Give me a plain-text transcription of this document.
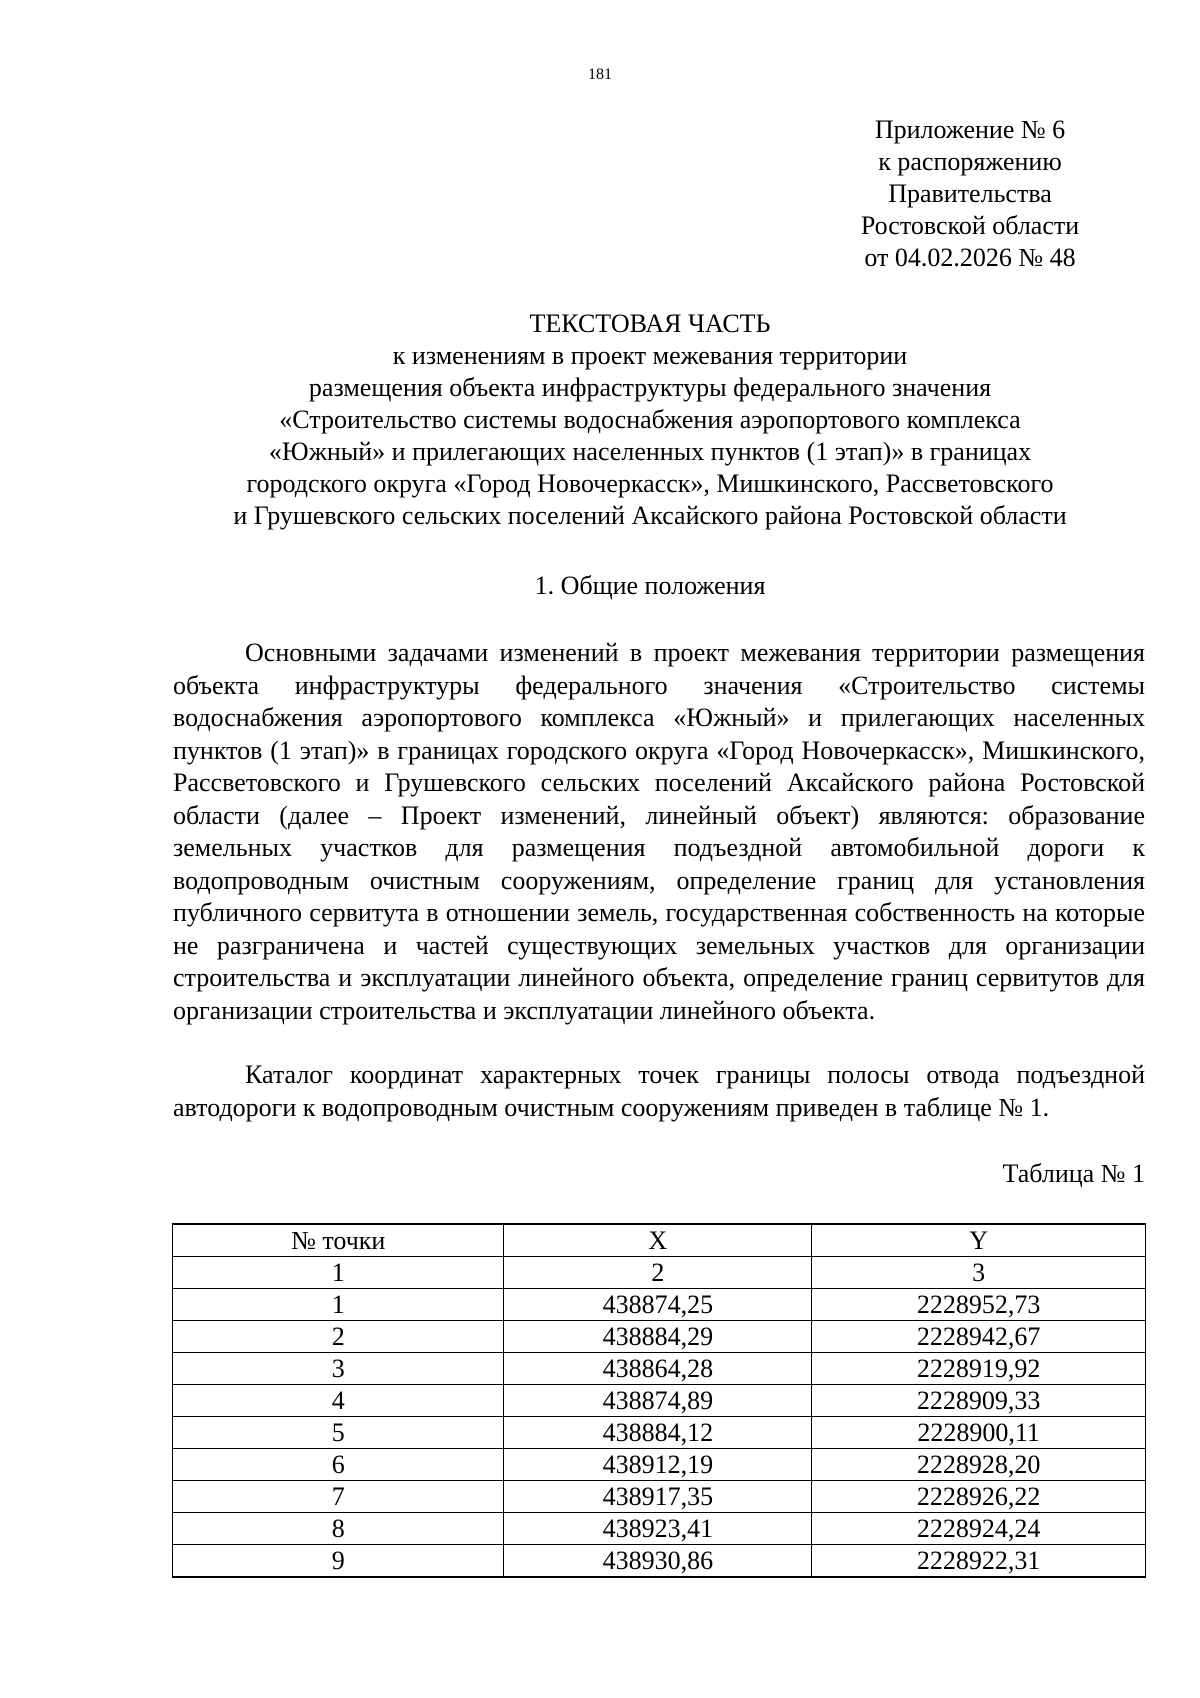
181
Приложение № 6
к распоряжению
Правительства
Ростовской области
от 04.02.2026 № 48
ТЕКСТОВАЯ ЧАСТЬ
к изменениям в проект межевания территории
размещения объекта инфраструктуры федерального значения
«Строительство системы водоснабжения аэропортового комплекса
«Южный» и прилегающих населенных пунктов (1 этап)» в границах
городского округа «Город Новочеркасск», Мишкинского, Рассветовского
и Грушевского сельских поселений Аксайского района Ростовской области
1. Общие положения
Основными задачами изменений в проект межевания территории размещения объекта инфраструктуры федерального значения «Строительство системы водоснабжения аэропортового комплекса «Южный» и прилегающих населенных пунктов (1 этап)» в границах городского округа «Город Новочеркасск», Мишкинского, Рассветовского и Грушевского сельских поселений Аксайского района Ростовской области (далее – Проект изменений, линейный объект) являются: образование земельных участков для размещения подъездной автомобильной дороги к водопроводным очистным сооружениям, определение границ для установления публичного сервитута в отношении земель, государственная собственность на которые не разграничена и частей существующих земельных участков для организации строительства и эксплуатации линейного объекта, определение границ сервитутов для организации строительства и эксплуатации линейного объекта.
Каталог координат характерных точек границы полосы отвода подъездной автодороги к водопроводным очистным сооружениям приведен в таблице № 1.
Таблица № 1
№ точки	X	Y
1	2	3
1	438874,25	2228952,73
2	438884,29	2228942,67
3	438864,28	2228919,92
4	438874,89	2228909,33
5	438884,12	2228900,11
6	438912,19	2228928,20
7	438917,35	2228926,22
8	438923,41	2228924,24
9	438930,86	2228922,31
